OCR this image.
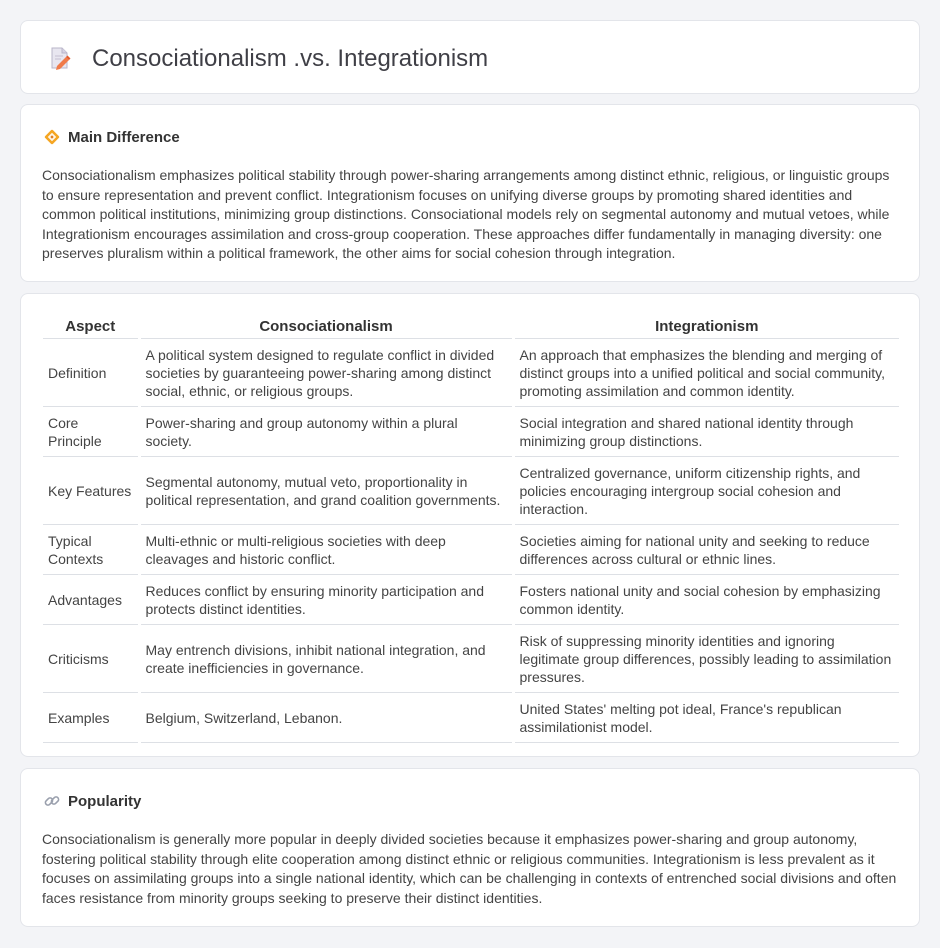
Consociationalism .vs. Integrationism
Main Difference

Consociationalism emphasizes political stability through power-sharing arrangements among distinct ethnic, religious, or linguistic groups to ensure representation and prevent conflict. Integrationism focuses on unifying diverse groups by promoting shared identities and common political institutions, minimizing group distinctions. Consociational models rely on segmental autonomy and mutual vetoes, while Integrationism encourages assimilation and cross-group cooperation. These approaches differ fundamentally in managing diversity: one preserves pluralism within a political framework, the other aims for social cohesion through integration.

Aspect	Consociationalism	Integrationism
Definition	A political system designed to regulate conflict in divided societies by guaranteeing power-sharing among distinct social, ethnic, or religious groups.	An approach that emphasizes the blending and merging of distinct groups into a unified political and social community, promoting assimilation and common identity.
Core Principle	Power-sharing and group autonomy within a plural society.	Social integration and shared national identity through minimizing group distinctions.
Key Features	Segmental autonomy, mutual veto, proportionality in political representation, and grand coalition governments.	Centralized governance, uniform citizenship rights, and policies encouraging intergroup social cohesion and interaction.
Typical Contexts	Multi-ethnic or multi-religious societies with deep cleavages and historic conflict.	Societies aiming for national unity and seeking to reduce differences across cultural or ethnic lines.
Advantages	Reduces conflict by ensuring minority participation and protects distinct identities.	Fosters national unity and social cohesion by emphasizing common identity.
Criticisms	May entrench divisions, inhibit national integration, and create inefficiencies in governance.	Risk of suppressing minority identities and ignoring legitimate group differences, possibly leading to assimilation pressures.
Examples	Belgium, Switzerland, Lebanon.	United States' melting pot ideal, France's republican assimilationist model.
Popularity

Consociationalism is generally more popular in deeply divided societies because it emphasizes power-sharing and group autonomy, fostering political stability through elite cooperation among distinct ethnic or religious communities. Integrationism is less prevalent as it focuses on assimilating groups into a single national identity, which can be challenging in contexts of entrenched social divisions and often faces resistance from minority groups seeking to preserve their distinct identities.
